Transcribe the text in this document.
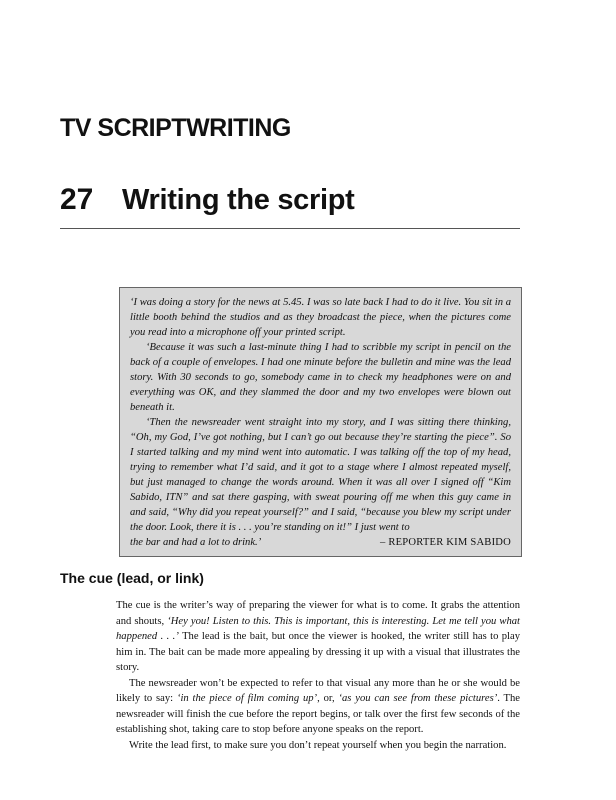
TV SCRIPTWRITING
27 Writing the script

‘I was doing a story for the news at 5.45. I was so late back I had to do it live. You sit in a little booth behind the studios and as they broadcast the piece, when the pictures come you read into a microphone off your printed script.

‘Because it was such a last-minute thing I had to scribble my script in pencil on the back of a couple of envelopes. I had one minute before the bulletin and mine was the lead story. With 30 seconds to go, somebody came in to check my headphones were on and everything was OK, and they slammed the door and my two envelopes were blown out beneath it.

‘Then the newsreader went straight into my story, and I was sitting there thinking, “Oh, my God, I’ve got nothing, but I can’t go out because they’re starting the piece”. So I started talking and my mind went into automatic. I was talking off the top of my head, trying to remember what I’d said, and it got to a stage where I almost repeated myself, but just managed to change the words around. When it was all over I signed off “Kim Sabido, ITN” and sat there gasping, with sweat pouring off me when this guy came in and said, “Why did you repeat yourself?” and I said, “because you blew my script under the door. Look, there it is . . . you’re standing on it!” I just went to

the bar and had a lot to drink.’	– REPORTER KIM SABIDO
The cue (lead, or link)

The cue is the writer’s way of preparing the viewer for what is to come. It grabs the attention and shouts, ‘Hey you! Listen to this. This is important, this is interesting. Let me tell you what happened . . .’ The lead is the bait, but once the viewer is hooked, the writer still has to play him in. The bait can be made more appealing by dressing it up with a visual that illustrates the story.

The newsreader won’t be expected to refer to that visual any more than he or she would be likely to say: ‘in the piece of film coming up’, or, ‘as you can see from these pictures’. The newsreader will finish the cue before the report begins, or talk over the first few seconds of the establishing shot, taking care to stop before anyone speaks on the report.

Write the lead first, to make sure you don’t repeat yourself when you begin the narration.
